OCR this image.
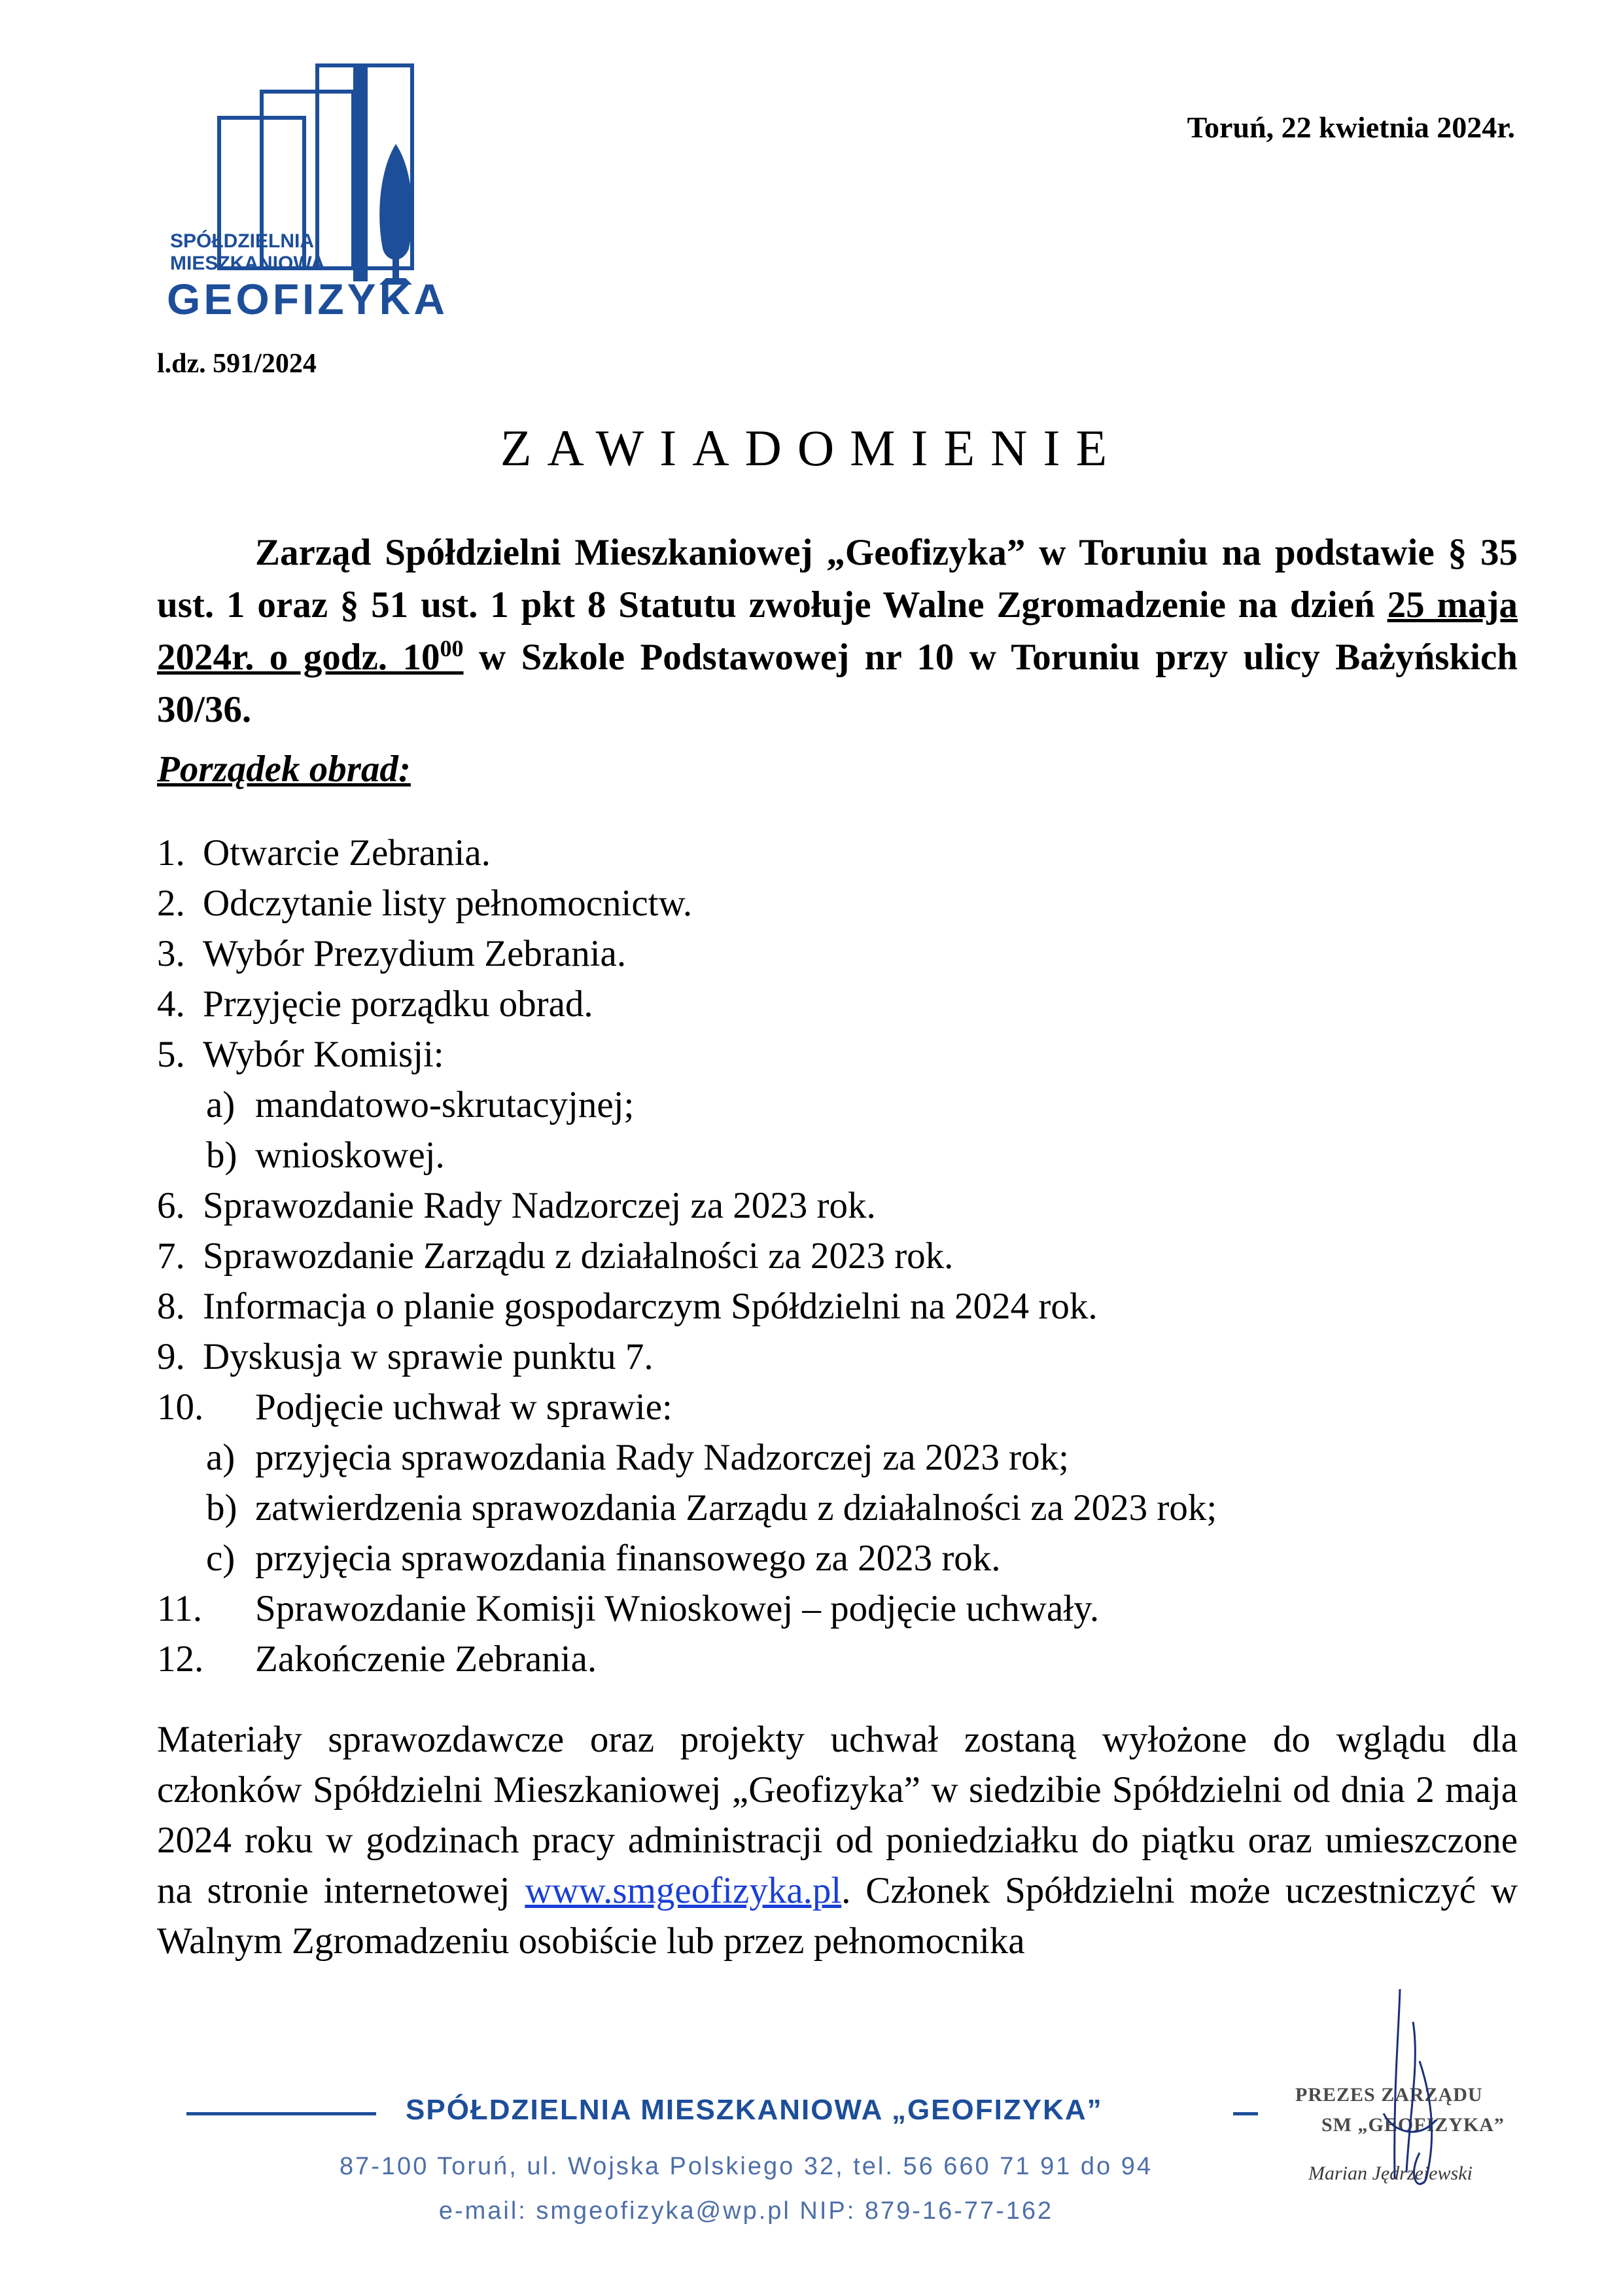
SPÓŁDZIELNIA
MIESZKANIOWA
GEOFIZYKA
Toruń, 22 kwietnia 2024r.
l.dz. 591/2024
ZAWIADOMIENIE
Zarząd Spółdzielni Mieszkaniowej „Geofizyka” w Toruniu na podstawie § 35 ust. 1 oraz § 51 ust. 1 pkt 8 Statutu zwołuje Walne Zgromadzenie na dzień 25 maja 2024r. o godz. $10^{00}$ w Szkole Podstawowej nr 10 w Toruniu przy ulicy Bażyńskich 30/36.
Porządek obrad:
1. Otwarcie Zebrania.
2. Odczytanie listy pełnomocnictw.
3. Wybór Prezydium Zebrania.
4. Przyjęcie porządku obrad.
5. Wybór Komisji:
a) mandatowo-skrutacyjnej;
b) wnioskowej.
6. Sprawozdanie Rady Nadzorczej za 2023 rok.
7. Sprawozdanie Zarządu z działalności za 2023 rok.
8. Informacja o planie gospodarczym Spółdzielni na 2024 rok.
9. Dyskusja w sprawie punktu 7.
10. Podjęcie uchwał w sprawie:
a) przyjęcia sprawozdania Rady Nadzorczej za 2023 rok;
b) zatwierdzenia sprawozdania Zarządu z działalności za 2023 rok;
c) przyjęcia sprawozdania finansowego za 2023 rok.
11. Sprawozdanie Komisji Wnioskowej – podjęcie uchwały.
12. Zakończenie Zebrania.
Materiały sprawozdawcze oraz projekty uchwał zostaną wyłożone do wglądu dla członków Spółdzielni Mieszkaniowej „Geofizyka” w siedzibie Spółdzielni od dnia 2 maja 2024 roku w godzinach pracy administracji od poniedziałku do piątku oraz umieszczone na stronie internetowej www.smgeofizyka.pl. Członek Spółdzielni może uczestniczyć w Walnym Zgromadzeniu osobiście lub przez pełnomocnika
PREZES ZARZĄDU
SM „GEOFIZYKA”
Marian Jędrzejewski
SPÓŁDZIELNIA MIESZKANIOWA „GEOFIZYKA”
87-100 Toruń, ul. Wojska Polskiego 32, tel. 56 660 71 91 do 94
e-mail: smgeofizyka@wp.pl NIP: 879-16-77-162
